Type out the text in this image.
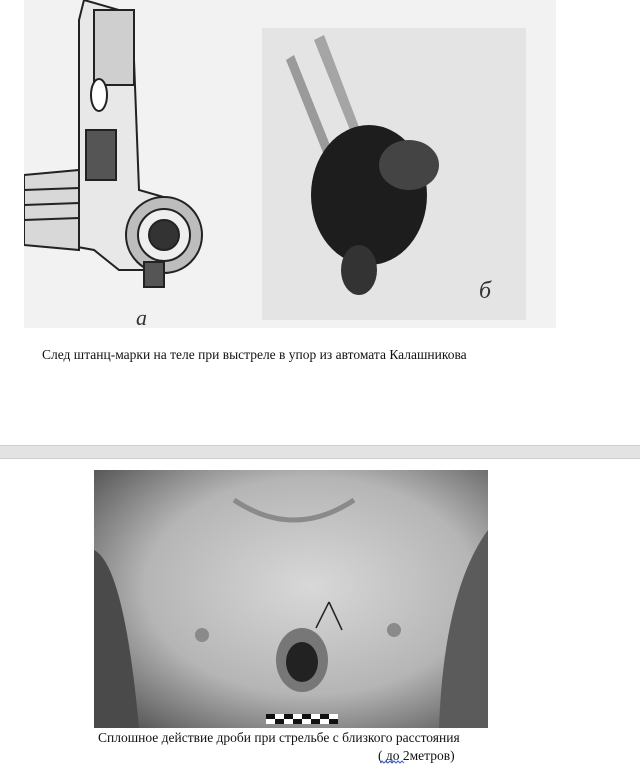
а
б
След штанц-марки на теле при выстреле в упор из автомата Калашникова
Сплошное действие дроби при стрельбе с близкого расстояния
( до 2метров)
